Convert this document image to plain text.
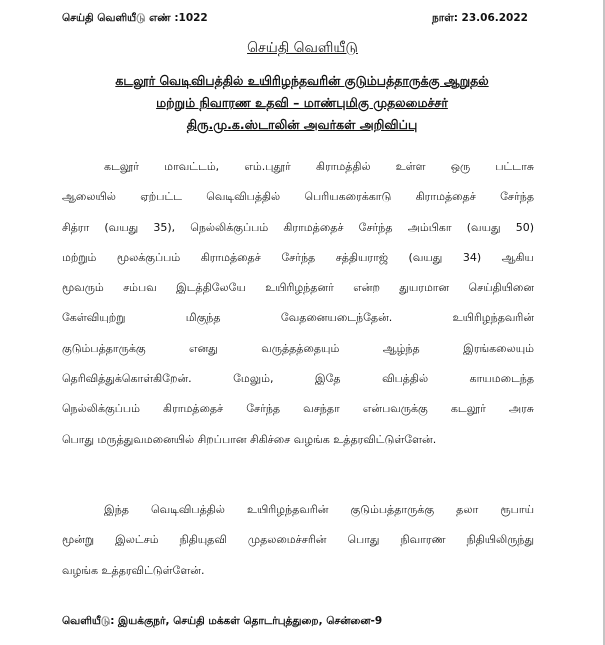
செய்தி வெளியீடு எண் :1022	நாள்: 23.06.2022
செய்தி வெளியீடு
கடலூர் வெடிவிபத்தில் உயிரிழந்தவரின் குடும்பத்தாருக்கு ஆறுதல்
மற்றும் நிவாரண உதவி – மாண்புமிகு முதலமைச்சர்
திரு.மு.க.ஸ்டாலின் அவர்கள் அறிவிப்பு
கடலூர் மாவட்டம், எம்.புதூர் கிராமத்தில் உள்ள ஒரு பட்டாசு
ஆலையில் ஏற்பட்ட வெடிவிபத்தில் பெரியகரைக்காடு கிராமத்தைச் சேர்ந்த
சித்ரா (வயது 35), நெல்லிக்குப்பம் கிராமத்தைச் சேர்ந்த அம்பிகா (வயது 50)
மற்றும் மூலக்குப்பம் கிராமத்தைச் சேர்ந்த சத்தியராஜ் (வயது 34) ஆகிய
மூவரும் சம்பவ இடத்திலேயே உயிரிழந்தனர் என்ற துயரமான செய்தியினை
கேள்வியுற்று மிகுந்த வேதனையடைந்தேன். உயிரிழந்தவரின்
குடும்பத்தாருக்கு எனது வருத்தத்தையும் ஆழ்ந்த இரங்கலையும்
தெரிவித்துக்கொள்கிறேன். மேலும், இதே விபத்தில் காயமடைந்த
நெல்லிக்குப்பம் கிராமத்தைச் சேர்ந்த வசந்தா என்பவருக்கு கடலூர் அரசு
பொது மருத்துவமனையில் சிறப்பான சிகிச்சை வழங்க உத்தரவிட்டுள்ளேன்.
இந்த வெடிவிபத்தில் உயிரிழந்தவரின் குடும்பத்தாருக்கு தலா ரூபாய்
மூன்று இலட்சம் நிதியுதவி முதலமைச்சரின் பொது நிவாரண நிதியிலிருந்து
வழங்க உத்தரவிட்டுள்ளேன்.
வெளியீடு: இயக்குநர், செய்தி மக்கள் தொடர்புத்துறை, சென்னை-9
